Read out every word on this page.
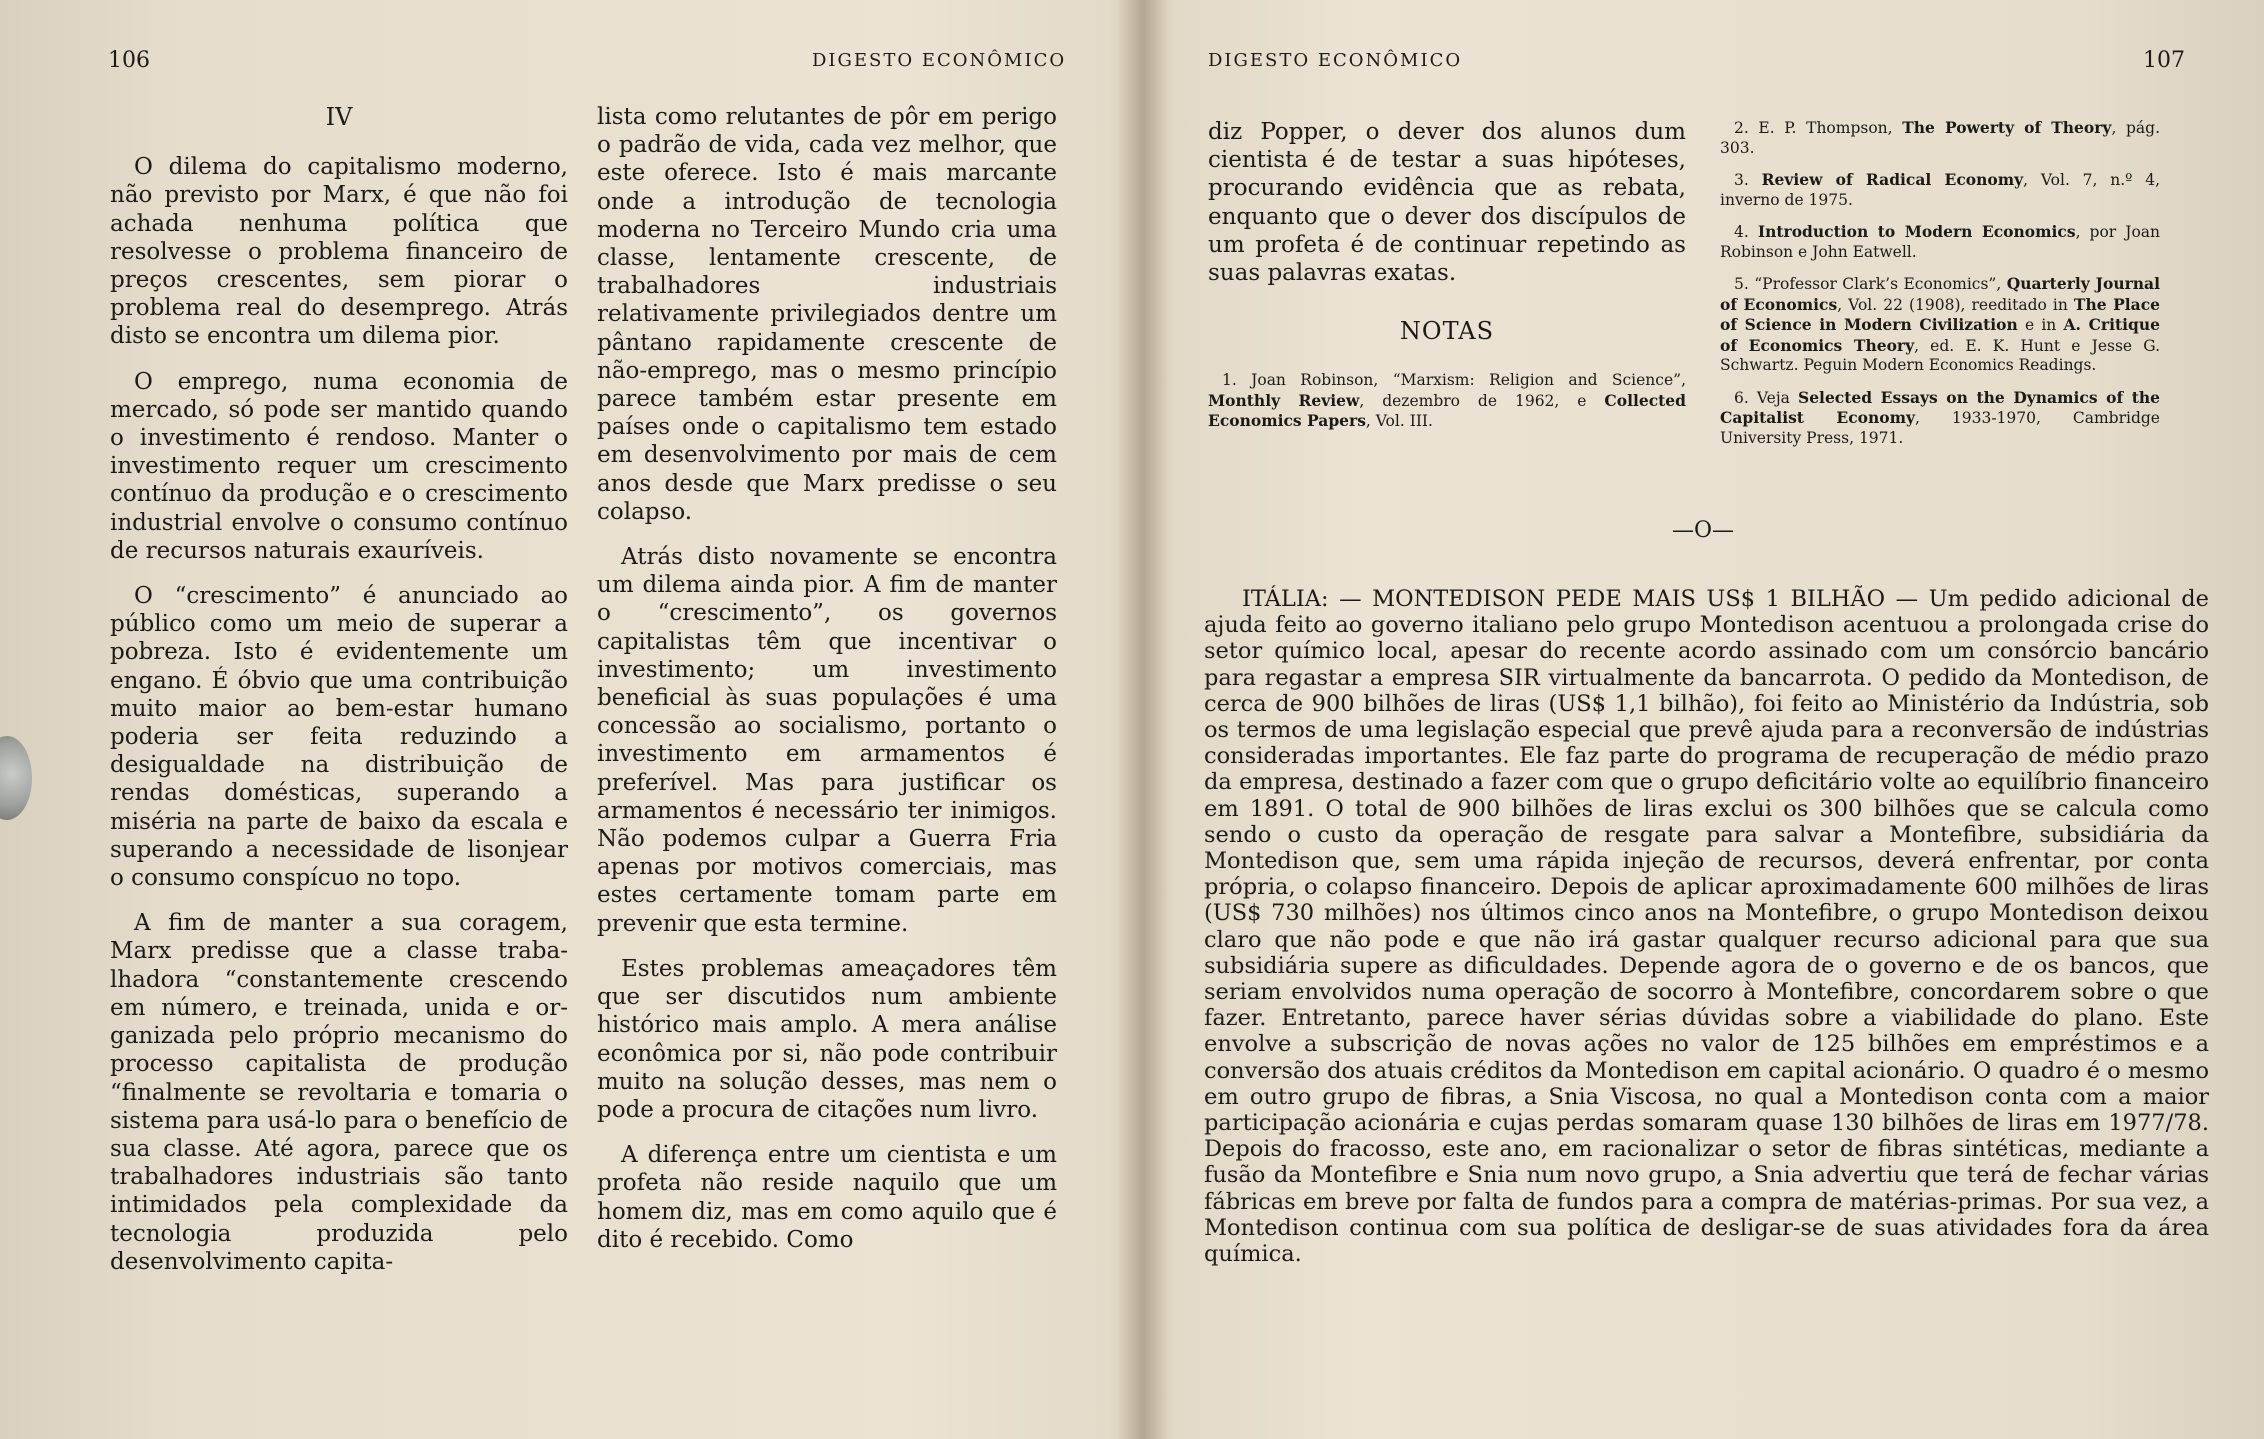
106	DIGESTO ECONÔMICO

IV

O dilema do capitalismo moderno, não previsto por Marx, é que não foi achada nenhuma política que resolvesse o problema financeiro de preços crescentes, sem piorar o problema real do desemprego. Atrás disto se encontra um dilema pior.

O emprego, numa economia de mercado, só pode ser mantido quando o investimento é rendoso. Manter o investimento requer um crescimento contínuo da produção e o crescimento industrial envolve o consumo contínuo de recursos naturais exauríveis.

O “crescimento” é anunciado ao público como um meio de superar a pobreza. Isto é evidentemente um engano. É óbvio que uma contribuição muito maior ao bem-estar humano poderia ser feita reduzindo a desigualdade na distribuição de rendas domésticas, superando a miséria na parte de baixo da escala e superando a necessidade de lisonjear o consumo conspícuo no topo.

A fim de manter a sua coragem, Marx predisse que a classe trabalhadora “constantemente crescendo em número, e treinada, unida e organizada pelo próprio mecanismo do processo capitalista de produção “finalmente se revoltaria e tomaria o sistema para usá-lo para o benefício de sua classe. Até agora, parece que os trabalhadores industriais são tanto intimidados pela complexidade da tecnologia produzida pelo desenvolvimento capita-

lista como relutantes de pôr em perigo o padrão de vida, cada vez melhor, que este oferece. Isto é mais marcante onde a introdução de tecnologia moderna no Terceiro Mundo cria uma classe, lentamente crescente, de trabalhadores industriais relativamente privilegiados dentre um pântano rapidamente crescente de não-emprego, mas o mesmo princípio parece também estar presente em países onde o capitalismo tem estado em desenvolvimento por mais de cem anos desde que Marx predisse o seu colapso.

Atrás disto novamente se encontra um dilema ainda pior. A fim de manter o “crescimento”, os governos capitalistas têm que incentivar o investimento; um investimento beneficial às suas populações é uma concessão ao socialismo, portanto o investimento em armamentos é preferível. Mas para justificar os armamentos é necessário ter inimigos. Não podemos culpar a Guerra Fria apenas por motivos comerciais, mas estes certamente tomam parte em prevenir que esta termine.

Estes problemas ameaçadores têm que ser discutidos num ambiente histórico mais amplo. A mera análise econômica por si, não pode contribuir muito na solução desses, mas nem o pode a procura de citações num livro.

A diferença entre um cientista e um profeta não reside naquilo que um homem diz, mas em como aquilo que é dito é recebido. Como

DIGESTO ECONÔMICO	107

diz Popper, o dever dos alunos dum cientista é de testar a suas hipóteses, procurando evidência que as rebata, enquanto que o dever dos discípulos de um profeta é de continuar repetindo as suas palavras exatas.

NOTAS

1. Joan Robinson, “Marxism: Religion and Science”, Monthly Review, dezembro de 1962, e Collected Economics Papers, Vol. III.
2. E. P. Thompson, The Powerty of Theory, pág. 303.
3. Review of Radical Economy, Vol. 7, n.º 4, inverno de 1975.
4. Introduction to Modern Economics, por Joan Robinson e John Eatwell.
5. “Professor Clark’s Economics”, Quarterly Journal of Economics, Vol. 22 (1908), reeditado in The Place of Science in Modern Civilization e in A. Critique of Economics Theory, ed. E. K. Hunt e Jesse G. Schwartz. Peguin Modern Economics Readings.
6. Veja Selected Essays on the Dynamics of the Capitalist Economy, 1933-1970, Cambridge University Press, 1971.
—O—

ITÁLIA: — MONTEDISON PEDE MAIS US$ 1 BILHÃO — Um pedido adicional de ajuda feito ao governo italiano pelo grupo Montedison acentuou a prolongada crise do setor químico local, apesar do recente acordo assinado com um consórcio bancário para regastar a empresa SIR virtualmente da bancarrota. O pedido da Montedison, de cerca de 900 bilhões de liras (US$ 1,1 bilhão), foi feito ao Ministério da Indústria, sob os termos de uma legislação especial que prevê ajuda para a reconversão de indústrias consideradas importantes. Ele faz parte do programa de recuperação de médio prazo da empresa, destinado a fazer com que o grupo deficitário volte ao equilíbrio financeiro em 1891. O total de 900 bilhões de liras exclui os 300 bilhões que se calcula como sendo o custo da operação de resgate para salvar a Montefibre, subsidiária da Montedison que, sem uma rápida injeção de recursos, deverá enfrentar, por conta própria, o colapso financeiro. Depois de aplicar aproximadamente 600 milhões de liras (US$ 730 milhões) nos últimos cinco anos na Montefibre, o grupo Montedison deixou claro que não pode e que não irá gastar qualquer recurso adicional para que sua subsidiária supere as dificuldades. Depende agora de o governo e de os bancos, que seriam envolvidos numa operação de socorro à Montefibre, concordarem sobre o que fazer. Entretanto, parece haver sérias dúvidas sobre a viabilidade do plano. Este envolve a subscrição de novas ações no valor de 125 bilhões em empréstimos e a conversão dos atuais créditos da Montedison em capital acionário. O quadro é o mesmo em outro grupo de fibras, a Snia Viscosa, no qual a Montedison conta com a maior participação acionária e cujas perdas somaram quase 130 bilhões de liras em 1977/78. Depois do fracosso, este ano, em racionalizar o setor de fibras sintéticas, mediante a fusão da Montefibre e Snia num novo grupo, a Snia advertiu que terá de fechar várias fábricas em breve por falta de fundos para a compra de matérias-primas. Por sua vez, a Montedison continua com sua política de desligar-se de suas atividades fora da área química.
